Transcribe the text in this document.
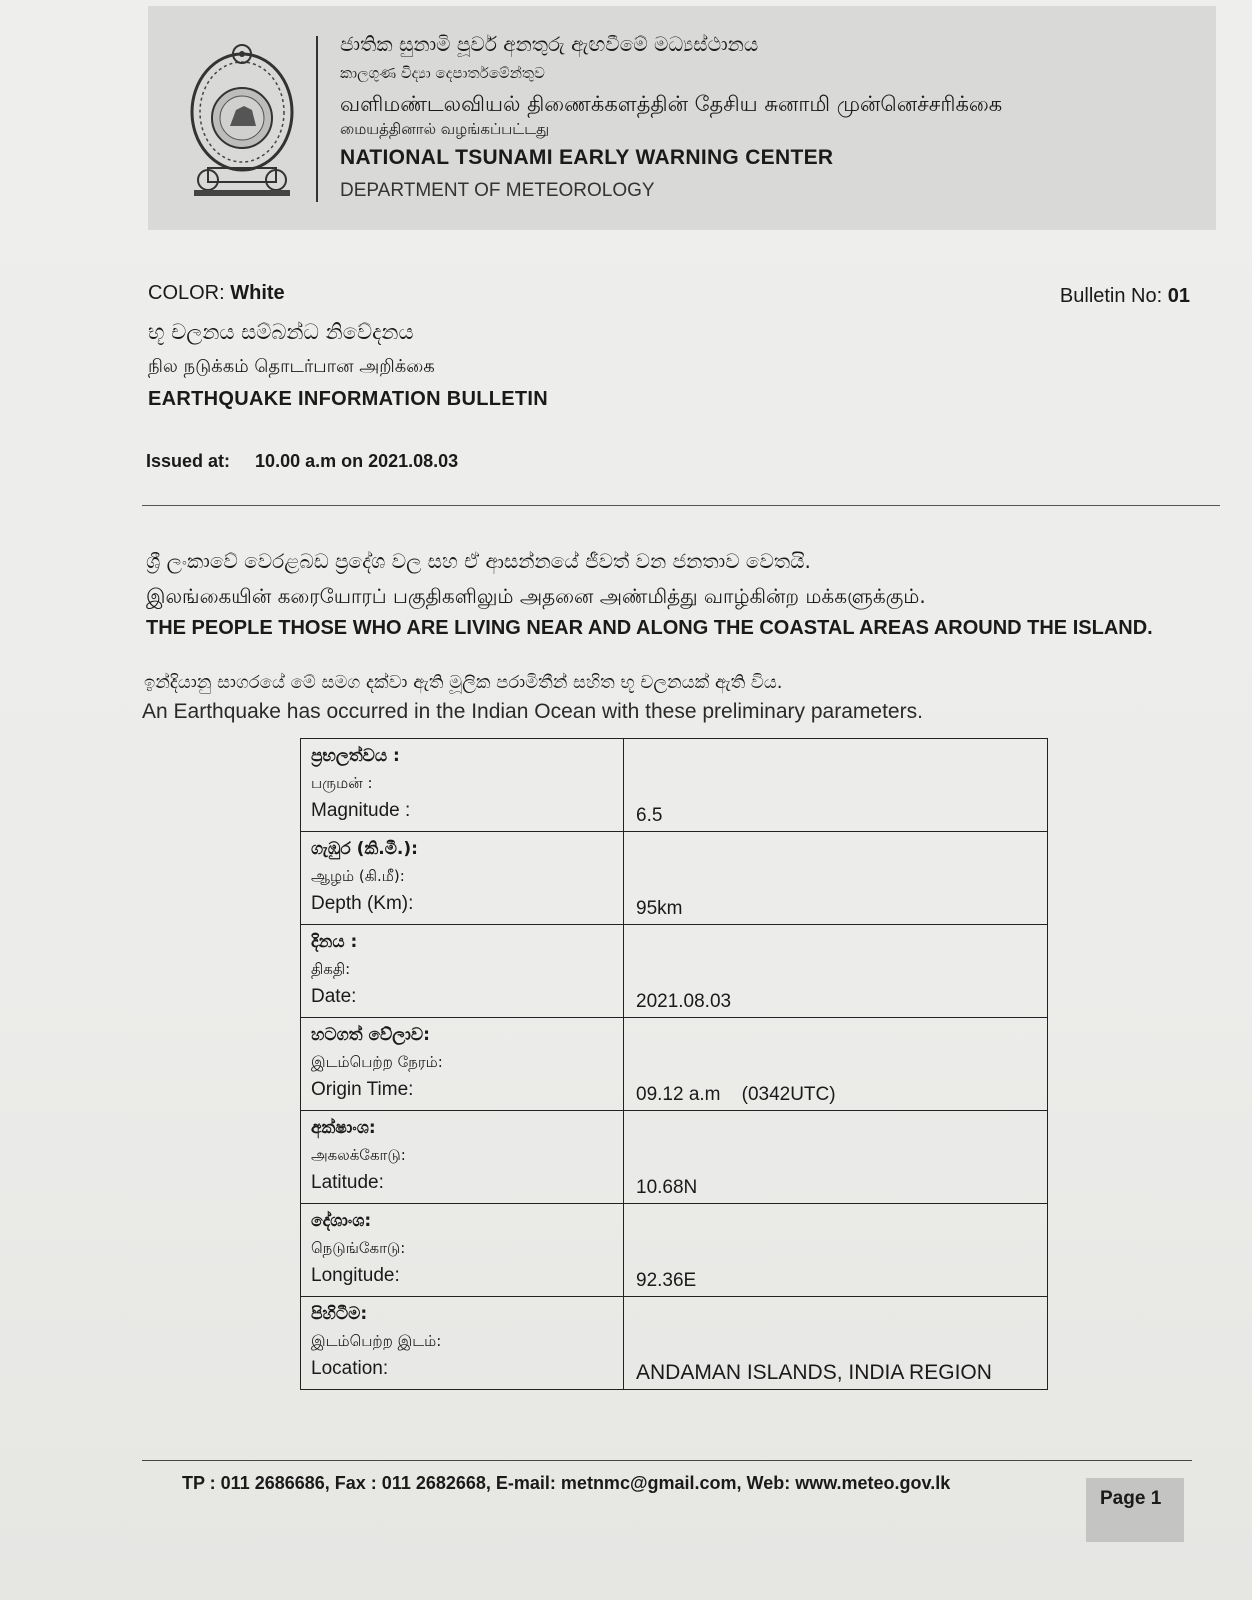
ජාතික සුනාමි පූර්ව අනතුරු ඇඟවීමේ මධ්‍යස්ථානය
කාලගුණ විද්‍යා දෙපාර්තමේන්තුව
வளிமண்டலவியல் திணைக்களத்தின் தேசிய சுனாமி முன்னெச்சரிக்கை
மையத்தினால் வழங்கப்பட்டது
NATIONAL TSUNAMI EARLY WARNING CENTER
DEPARTMENT OF METEOROLOGY
COLOR: White	Bulletin No: 01
භූ චලනය සම්බන්ධ නිවේදනය
நில நடுக்கம் தொடர்பான அறிக்கை
EARTHQUAKE INFORMATION BULLETIN
Issued at: 10.00 a.m on 2021.08.03
ශ්‍රී ලංකාවේ වෙරළබඩ ප්‍රදේශ වල සහ ඒ ආසන්නයේ ජීවත් වන ජනතාව වෙතයි.
இலங்கையின் கரையோரப் பகுதிகளிலும் அதனை அண்மித்து வாழ்கின்ற மக்களுக்கும்.
THE PEOPLE THOSE WHO ARE LIVING NEAR AND ALONG THE COASTAL AREAS AROUND THE ISLAND.
ඉන්දියානු සාගරයේ මේ සමග දක්වා ඇති මූලික පරාමිතීන් සහිත භූ චලනයක් ඇති විය.
An Earthquake has occurred in the Indian Ocean with these preliminary parameters.
ප්‍රභලත්වය :
பருமன் :
Magnitude :	6.5

ගැඹුර (කි.මී.):
ஆழம் (கி.மீ):
Depth (Km):	95km

දිනය :
திகதி:
Date:	2021.08.03

හටගත් වේලාව:
இடம்பெற்ற நேரம்:
Origin Time:	09.12 a.m    (0342UTC)

අක්ෂාංශ:
அகலக்கோடு:
Latitude:	10.68N

දේශාංශ:
நெடுங்கோடு:
Longitude:	92.36E

පිහිටීම:
இடம்பெற்ற இடம்:
Location:	ANDAMAN ISLANDS, INDIA REGION
TP : 011 2686686, Fax : 011 2682668, E-mail: metnmc@gmail.com, Web: www.meteo.gov.lk
Page 1
